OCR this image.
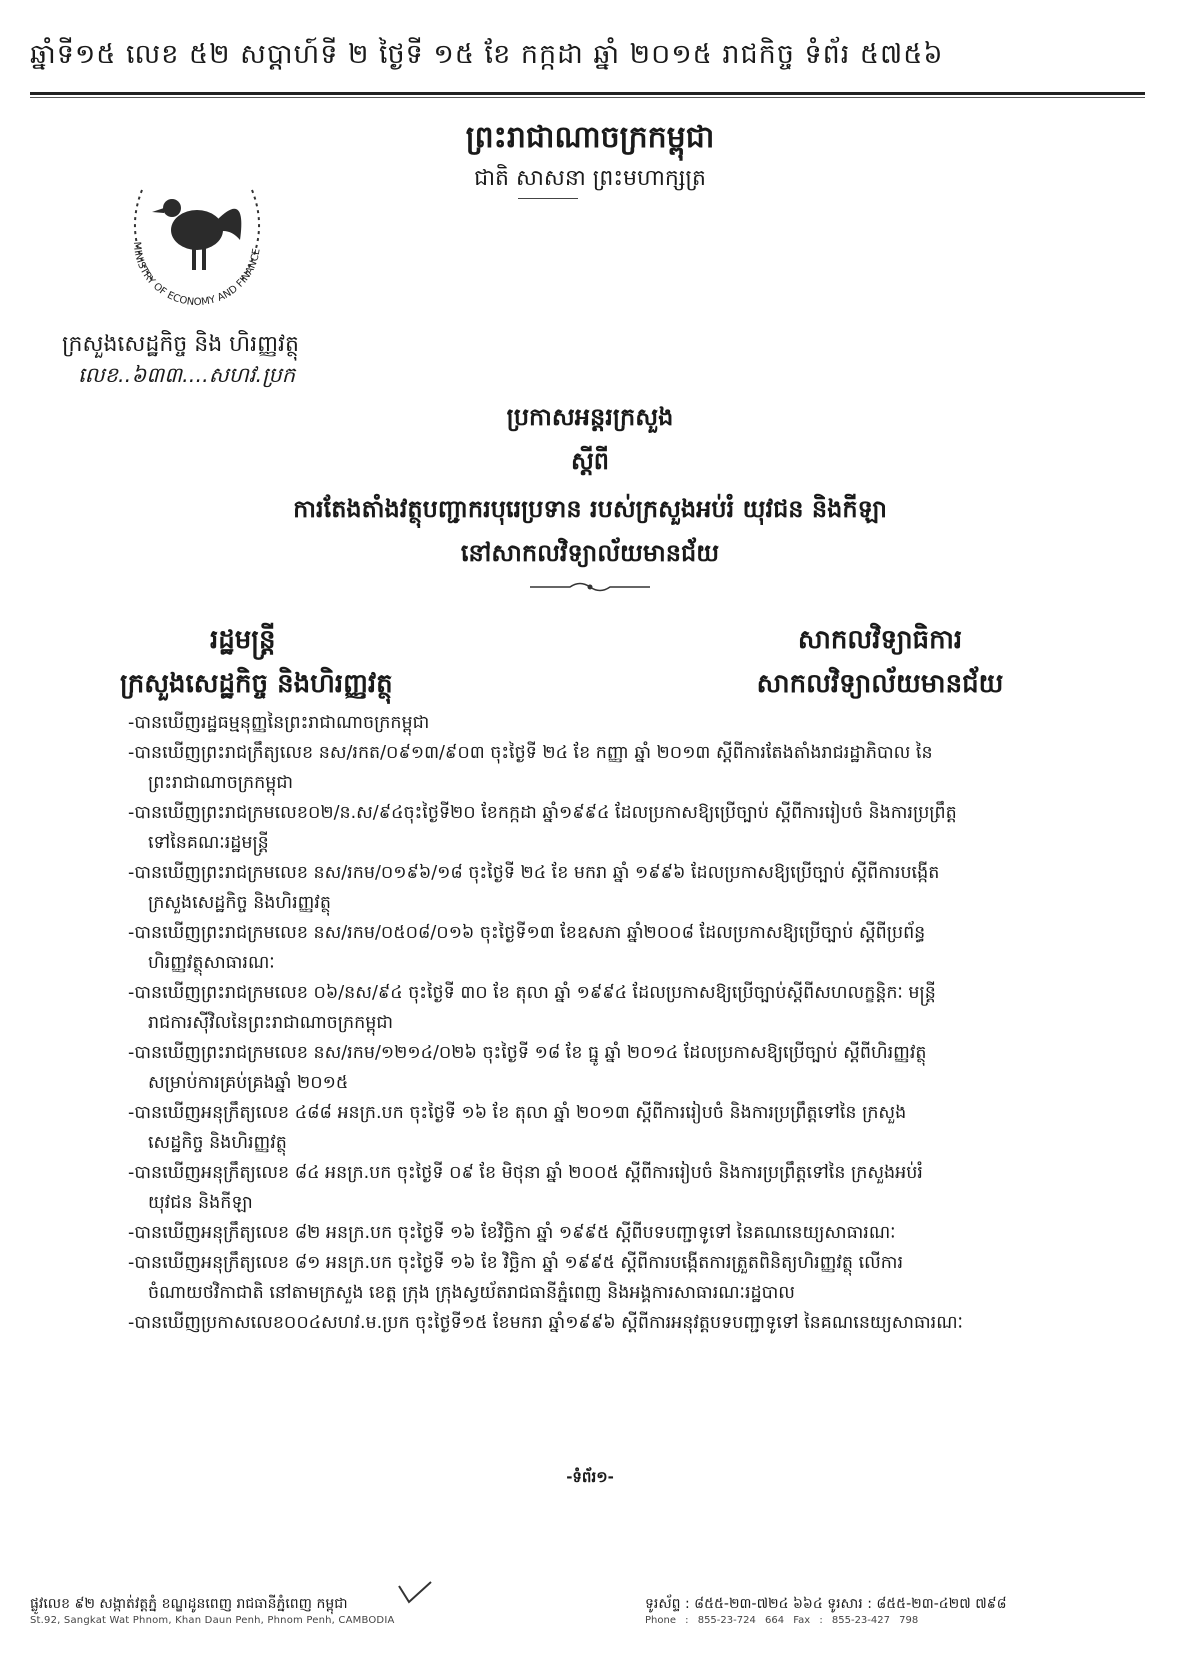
ឆ្នាំទី១៥ លេខ ៥២ សប្តាហ៍ទី ២ ថ្ងៃទី ១៥ ខែ កក្កដា ឆ្នាំ ២០១៥ រាជកិច្ច ទំព័រ ៥៧៥៦
ព្រះរាជាណាចក្រកម្ពុជា
ជាតិ សាសនា ព្រះមហាក្សត្រ
MINISTRY OF ECONOMY AND FINANCE
ក្រសួងសេដ្ឋកិច្ច និង ហិរញ្ញវត្ថុ
លេខ..៦៣៣....សហវ.ប្រក
ប្រកាសអន្តរក្រសួង
ស្តីពី
ការតែងតាំងវត្ថុបញ្ជាករបុរេប្រទាន របស់ក្រសួងអប់រំ យុវជន និងកីឡា
នៅសាកលវិទ្យាល័យមានជ័យ
រដ្ឋមន្ត្រី
ក្រសួងសេដ្ឋកិច្ច និងហិរញ្ញវត្ថុ
សាកលវិទ្យាធិការ
សាកលវិទ្យាល័យមានជ័យ
-បានឃើញរដ្ឋធម្មនុញ្ញនៃព្រះរាជាណាចក្រកម្ពុជា
-បានឃើញព្រះរាជក្រឹត្យលេខ នស/រកត/០៩១៣/៩០៣ ចុះថ្ងៃទី ២៤ ខែ កញ្ញា ឆ្នាំ ២០១៣ ស្តីពីការតែងតាំងរាជរដ្ឋាភិបាល នៃ
ព្រះរាជាណាចក្រកម្ពុជា
-បានឃើញព្រះរាជក្រមលេខ០២/ន.ស/៩៤ចុះថ្ងៃទី២០ ខែកក្កដា ឆ្នាំ១៩៩៤ ដែលប្រកាសឱ្យប្រើច្បាប់ ស្តីពីការរៀបចំ និងការប្រព្រឹត្ត
ទៅនៃគណៈរដ្ឋមន្ត្រី
-បានឃើញព្រះរាជក្រមលេខ នស/រកម/០១៩៦/១៨ ចុះថ្ងៃទី ២៤ ខែ មករា ឆ្នាំ ១៩៩៦ ដែលប្រកាសឱ្យប្រើច្បាប់ ស្តីពីការបង្កើត
ក្រសួងសេដ្ឋកិច្ច និងហិរញ្ញវត្ថុ
-បានឃើញព្រះរាជក្រមលេខ នស/រកម/០៥០៨/០១៦ ចុះថ្ងៃទី១៣ ខែឧសភា ឆ្នាំ២០០៨ ដែលប្រកាសឱ្យប្រើច្បាប់ ស្តីពីប្រព័ន្ធ
ហិរញ្ញវត្ថុសាធារណៈ
-បានឃើញព្រះរាជក្រមលេខ ០៦/នស/៩៤ ចុះថ្ងៃទី ៣០ ខែ តុលា ឆ្នាំ ១៩៩៤ ដែលប្រកាសឱ្យប្រើច្បាប់ស្តីពីសហលក្ខន្តិកៈ មន្ត្រី
រាជការស៊ីវិលនៃព្រះរាជាណាចក្រកម្ពុជា
-បានឃើញព្រះរាជក្រមលេខ នស/រកម/១២១៤/០២៦ ចុះថ្ងៃទី ១៨ ខែ ធ្នូ ឆ្នាំ ២០១៤ ដែលប្រកាសឱ្យប្រើច្បាប់ ស្តីពីហិរញ្ញវត្ថុ
សម្រាប់ការគ្រប់គ្រងឆ្នាំ ២០១៥
-បានឃើញអនុក្រឹត្យលេខ ៤៨៨ អនក្រ.បក ចុះថ្ងៃទី ១៦ ខែ តុលា ឆ្នាំ ២០១៣ ស្តីពីការរៀបចំ និងការប្រព្រឹត្តទៅនៃ ក្រសួង
សេដ្ឋកិច្ច និងហិរញ្ញវត្ថុ
-បានឃើញអនុក្រឹត្យលេខ ៨៤ អនក្រ.បក ចុះថ្ងៃទី ០៩ ខែ មិថុនា ឆ្នាំ ២០០៥ ស្តីពីការរៀបចំ និងការប្រព្រឹត្តទៅនៃ ក្រសួងអប់រំ
យុវជន និងកីឡា
-បានឃើញអនុក្រឹត្យលេខ ៨២ អនក្រ.បក ចុះថ្ងៃទី ១៦ ខែវិច្ឆិកា ឆ្នាំ ១៩៩៥ ស្តីពីបទបញ្ជាទូទៅ នៃគណនេយ្យសាធារណៈ
-បានឃើញអនុក្រឹត្យលេខ ៨១ អនក្រ.បក ចុះថ្ងៃទី ១៦ ខែ វិច្ឆិកា ឆ្នាំ ១៩៩៥ ស្តីពីការបង្កើតការត្រួតពិនិត្យហិរញ្ញវត្ថុ លើការ
ចំណាយថវិកាជាតិ នៅតាមក្រសួង ខេត្ត ក្រុង ក្រុងស្វយ័តរាជធានីភ្នំពេញ និងអង្គការសាធារណៈរដ្ឋបាល
-បានឃើញប្រកាសលេខ០០៤សហវ.ម.ប្រក ចុះថ្ងៃទី១៥ ខែមករា ឆ្នាំ១៩៩៦ ស្តីពីការអនុវត្តបទបញ្ជាទូទៅ នៃគណនេយ្យសាធារណៈ
-ទំព័រ១-
ផ្លូវលេខ ៩២ សង្កាត់វត្តភ្នំ ខណ្ឌដូនពេញ រាជធានីភ្នំពេញ កម្ពុជា
St.92, Sangkat Wat Phnom, Khan Daun Penh, Phnom Penh, CAMBODIA
ទូរស័ព្ទ : ៨៥៥-២៣-៧២៤ ៦៦៤ ទូរសារ : ៨៥៥-២៣-៤២៧ ៧៩៨
Phone : 855-23-724 664 Fax : 855-23-427 798
